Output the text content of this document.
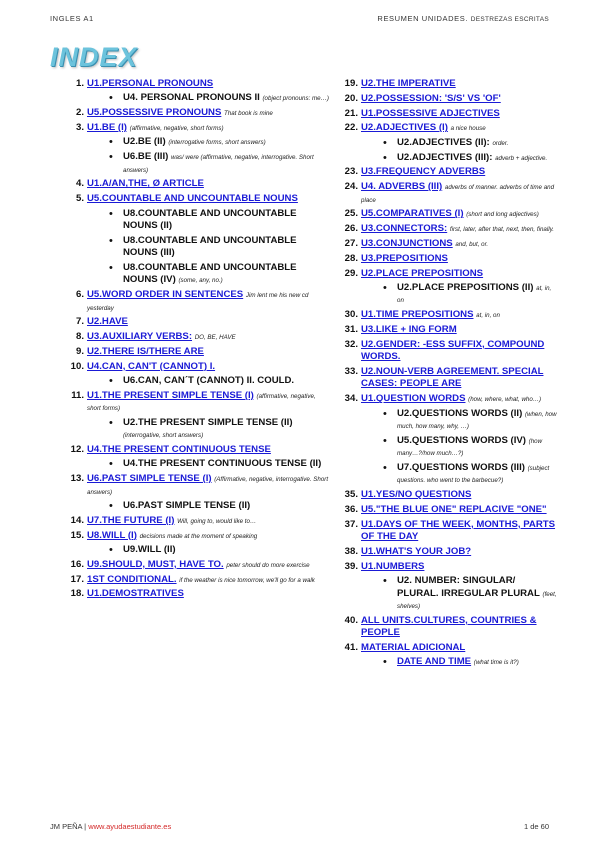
INGLES A1	RESUMEN UNIDADES. DESTREZAS ESCRITAS
INDEX
1. U1.PERSONAL PRONOUNS
• U4. PERSONAL PRONOUNS II (object pronouns: me…)
2. U5.POSSESSIVE PRONOUNS That book is mine
3. U1.BE (I) (affirmative, negative, short forms)
• U2.BE (II) (interrogative forms, short answers)
• U6.BE (III) was/ were (affirmative, negative, interrogative. Short answers)
4. U1.A/AN,THE, Ø ARTICLE
5. U5.COUNTABLE AND UNCOUNTABLE NOUNS
• U8.COUNTABLE AND UNCOUNTABLE NOUNS (II)
• U8.COUNTABLE AND UNCOUNTABLE NOUNS (III)
• U8.COUNTABLE AND UNCOUNTABLE NOUNS (IV) (some, any, no.)
6. U5.WORD ORDER IN SENTENCES Jim lent me his new cd yesterday
7. U2.HAVE
8. U3.AUXILIARY VERBS: DO, BE, HAVE
9. U2.THERE IS/THERE ARE
10. U4.CAN, CAN'T (CANNOT) I.
• U6.CAN, CAN´T (CANNOT) II. COULD.
11. U1.THE PRESENT SIMPLE TENSE (I) (affirmative, negative, short forms)
• U2.THE PRESENT SIMPLE TENSE (II) (interrogative, short answers)
12. U4.THE PRESENT CONTINUOUS TENSE
• U4.THE PRESENT CONTINUOUS TENSE (II)
13. U6.PAST SIMPLE TENSE (I) (Affirmative, negative, interrogative. Short answers)
• U6.PAST SIMPLE TENSE (II)
14. U7.THE FUTURE (I) Will, going to, would like to…
15. U8.WILL (I) decisions made at the moment of speaking
• U9.WILL (II)
16. U9.SHOULD, MUST, HAVE TO. peter should do more exercise
17. 1ST CONDITIONAL. if the weather is nice tomorrow, we'll go for a walk
18. U1.DEMOSTRATIVES
19. U2.THE IMPERATIVE
20. U2.POSSESSION: 'S/S' VS 'OF'
21. U1.POSSESSIVE ADJECTIVES
22. U2.ADJECTIVES (I) a nice house
• U2.ADJECTIVES (II): order.
• U2.ADJECTIVES (III): adverb + adjective.
23. U3.FREQUENCY ADVERBS
24. U4. ADVERBS (III) adverbs of manner. adverbs of time and place
25. U5.COMPARATIVES (I) (short and long adjectives)
26. U3.CONNECTORS: first, later, after that, next, then, finally.
27. U3.CONJUNCTIONS and, but, or.
28. U3.PREPOSITIONS
29. U2.PLACE PREPOSITIONS
• U2.PLACE PREPOSITIONS (II) at, in, on
30. U1.TIME PREPOSITIONS at, in, on
31. U3.LIKE + ING FORM
32. U2.GENDER: -ESS SUFFIX, COMPOUND WORDS.
33. U2.NOUN-VERB AGREEMENT. SPECIAL CASES: PEOPLE ARE
34. U1.QUESTION WORDS (how, where, what, who…)
• U2.QUESTIONS WORDS (II) (when, how much, how many, why, …)
• U5.QUESTIONS WORDS (IV) (how many…?/how much…?)
• U7.QUESTIONS WORDS (III) (subject questions. who went to the barbecue?)
35. U1.YES/NO QUESTIONS
36. U5."THE BLUE ONE" REPLACIVE "ONE"
37. U1.DAYS OF THE WEEK, MONTHS, PARTS OF THE DAY
38. U1.WHAT'S YOUR JOB?
39. U1.NUMBERS
• U2. NUMBER: SINGULAR/ PLURAL. IRREGULAR PLURAL (feet, shelves)
40. ALL UNITS.CULTURES, COUNTRIES & PEOPLE
41. MATERIAL ADICIONAL
• DATE AND TIME (what time is it?)
JM PEÑA | www.ayudaestudiante.es	1 de 60
